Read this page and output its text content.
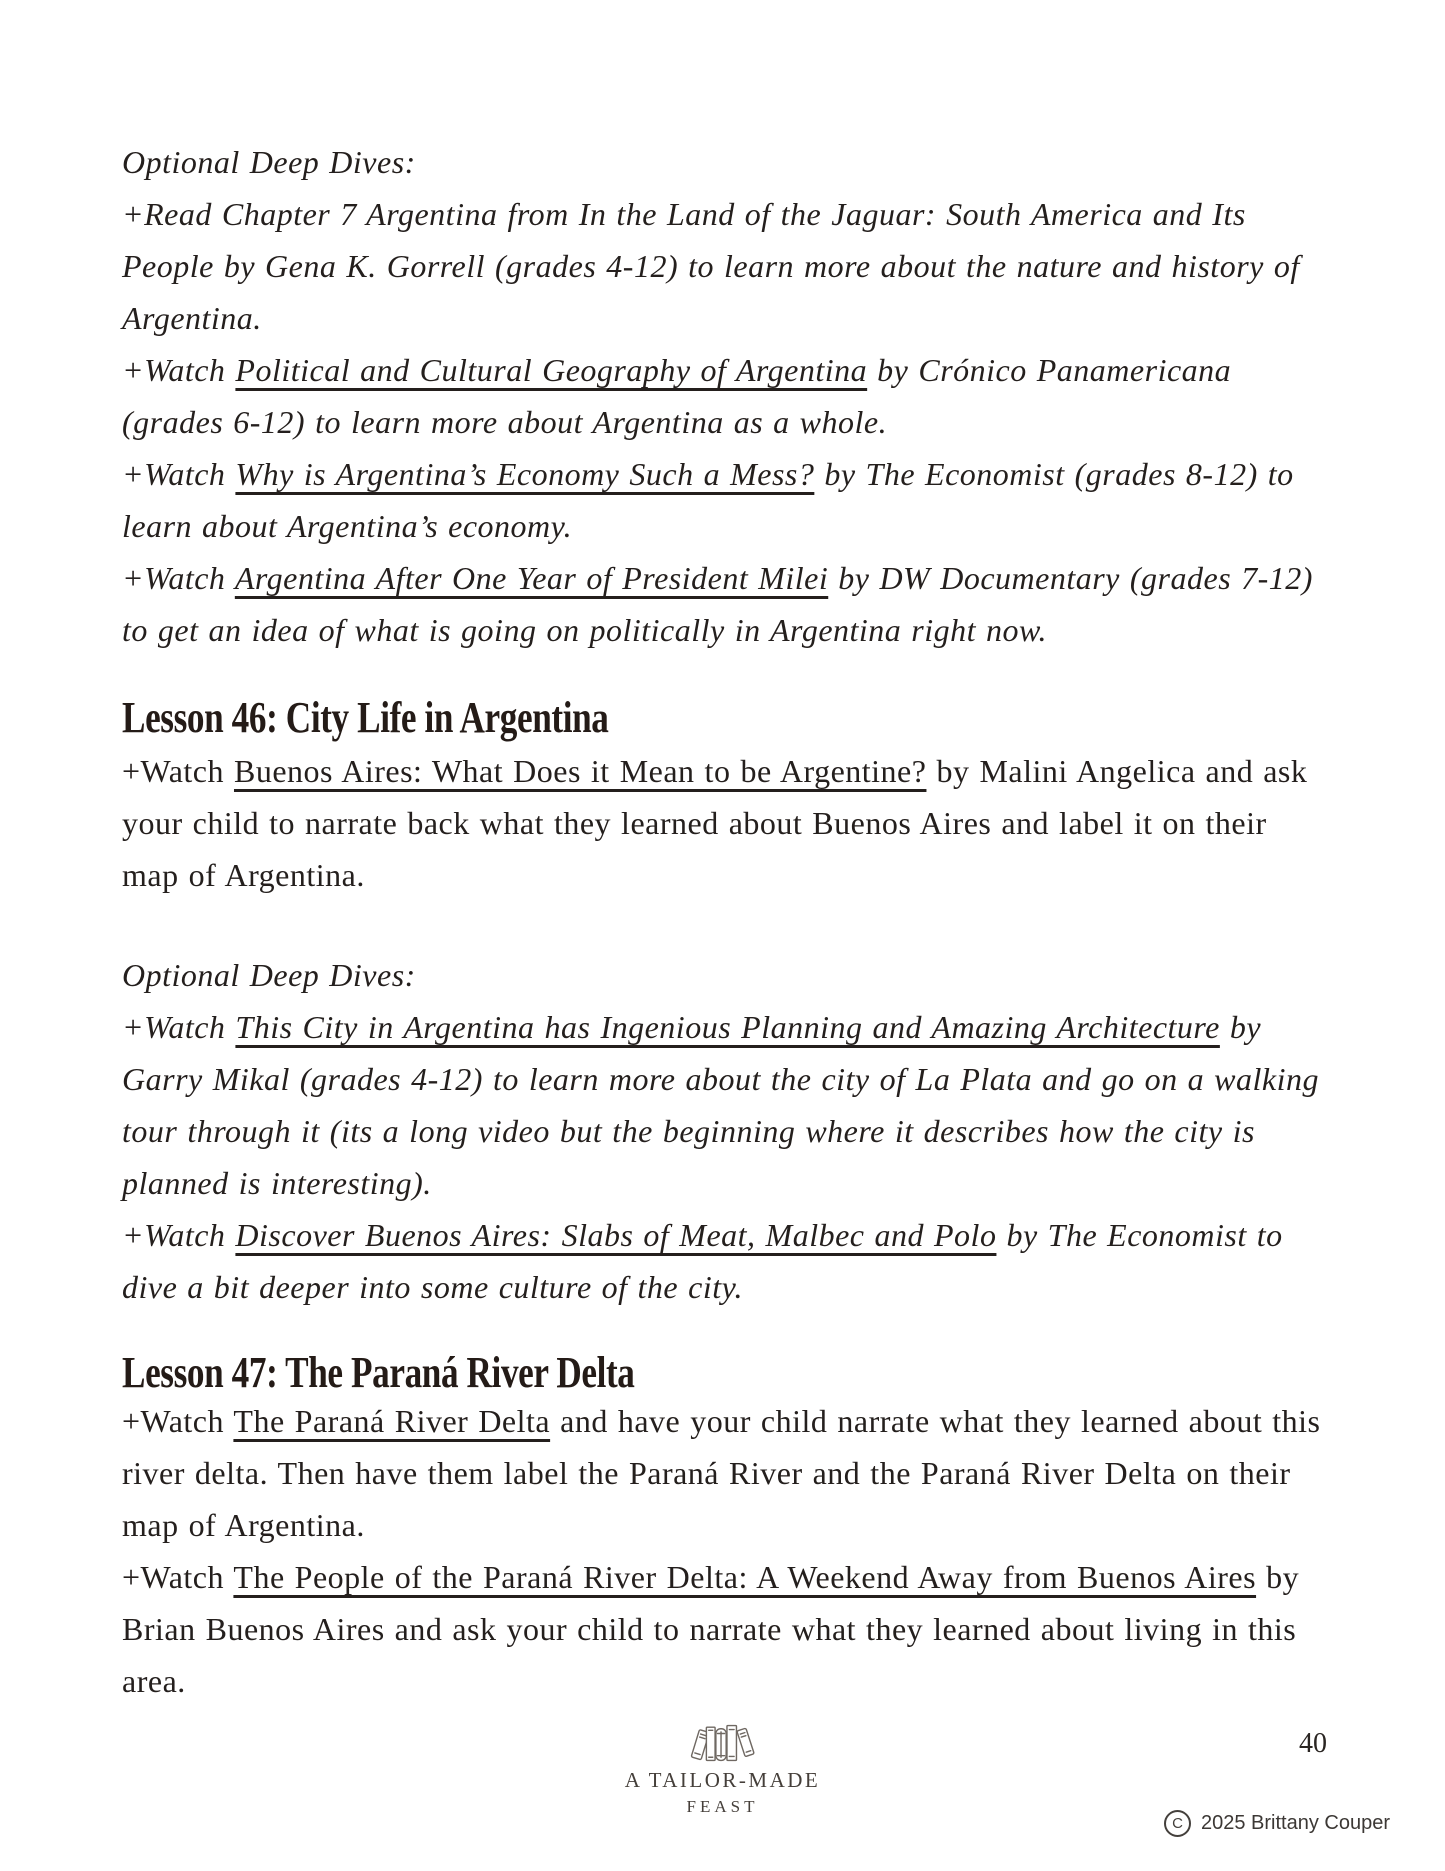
Optional Deep Dives:

+Read Chapter 7 Argentina from In the Land of the Jaguar: South America and Its People by Gena K. Gorrell (grades 4-12) to learn more about the nature and history of Argentina.

+Watch Political and Cultural Geography of Argentina by Crónico Panamericana (grades 6-12) to learn more about Argentina as a whole.

+Watch Why is Argentina’s Economy Such a Mess? by The Economist (grades 8-12) to learn about Argentina’s economy.

+Watch Argentina After One Year of President Milei by DW Documentary (grades 7-12) to get an idea of what is going on politically in Argentina right now.

Lesson 46: City Life in Argentina

+Watch Buenos Aires: What Does it Mean to be Argentine? by Malini Angelica and ask your child to narrate back what they learned about Buenos Aires and label it on their map of Argentina.

Optional Deep Dives:

+Watch This City in Argentina has Ingenious Planning and Amazing Architecture by Garry Mikal (grades 4-12) to learn more about the city of La Plata and go on a walking tour through it (its a long video but the beginning where it describes how the city is planned is interesting).

+Watch Discover Buenos Aires: Slabs of Meat, Malbec and Polo by The Economist to dive a bit deeper into some culture of the city.

Lesson 47: The Paraná River Delta

+Watch The Paraná River Delta and have your child narrate what they learned about this river delta. Then have them label the Paraná River and the Paraná River Delta on their map of Argentina.

+Watch The People of the Paraná River Delta: A Weekend Away from Buenos Aires by Brian Buenos Aires and ask your child to narrate what they learned about living in this area.

A TAILOR-MADE
FEAST
40
C 2025 Brittany Couper
